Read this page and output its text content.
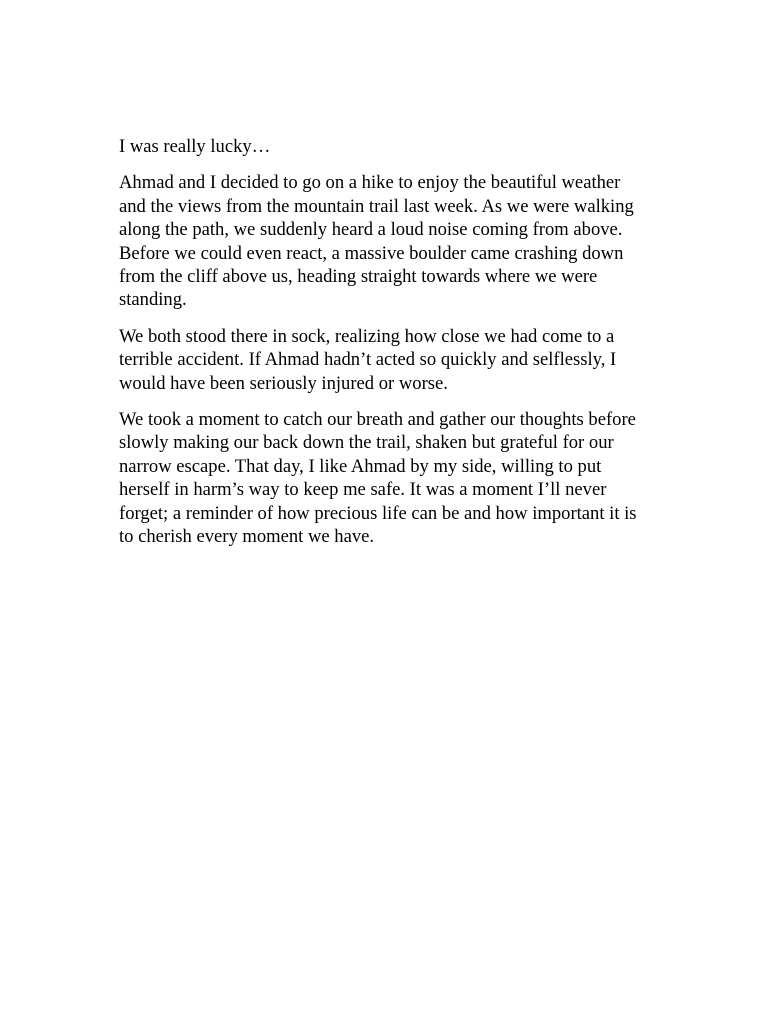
I was really lucky…

Ahmad and I decided to go on a hike to enjoy the beautiful weather and the views from the mountain trail last week. As we were walking along the path, we suddenly heard a loud noise coming from above. Before we could even react, a massive boulder came crashing down from the cliff above us, heading straight towards where we were standing.

We both stood there in sock, realizing how close we had come to a terrible accident. If Ahmad hadn’t acted so quickly and selflessly, I would have been seriously injured or worse.

We took a moment to catch our breath and gather our thoughts before slowly making our back down the trail, shaken but grateful for our narrow escape. That day, I like Ahmad by my side, willing to put herself in harm’s way to keep me safe. It was a moment I’ll never forget; a reminder of how precious life can be and how important it is to cherish every moment we have.
